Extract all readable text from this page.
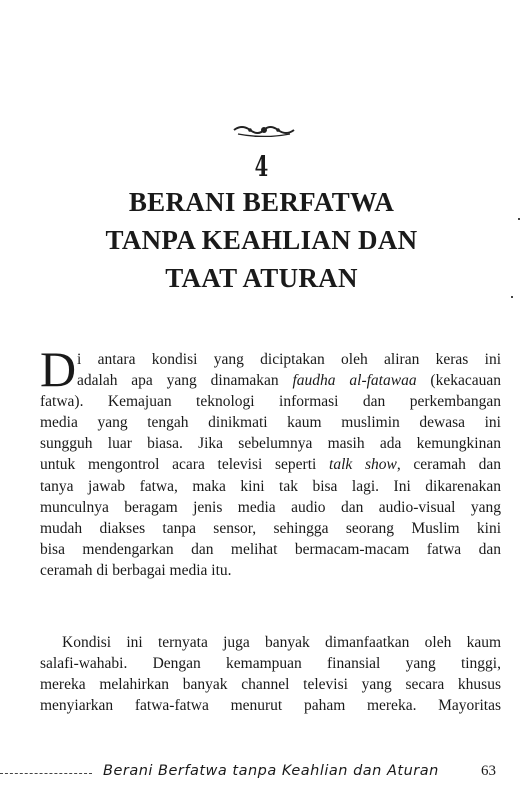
4
BERANI BERFATWA
TANPA KEAHLIAN DAN
TAAT ATURAN
D i antara kondisi yang diciptakan oleh aliran keras ini
adalah apa yang dinamakan faudha al-fatawaa (kekacauan
fatwa). Kemajuan teknologi informasi dan perkembangan
media yang tengah dinikmati kaum muslimin dewasa ini
sungguh luar biasa. Jika sebelumnya masih ada kemungkinan
untuk mengontrol acara televisi seperti talk show, ceramah dan
tanya jawab fatwa, maka kini tak bisa lagi. Ini dikarenakan
munculnya beragam jenis media audio dan audio-visual yang
mudah diakses tanpa sensor, sehingga seorang Muslim kini
bisa mendengarkan dan melihat bermacam-macam fatwa dan
ceramah di berbagai media itu.
Kondisi ini ternyata juga banyak dimanfaatkan oleh kaum
salafi-wahabi. Dengan kemampuan finansial yang tinggi,
mereka melahirkan banyak channel televisi yang secara khusus
menyiarkan fatwa-fatwa menurut paham mereka. Mayoritas
Berani Berfatwa tanpa Keahlian dan Aturan	63
